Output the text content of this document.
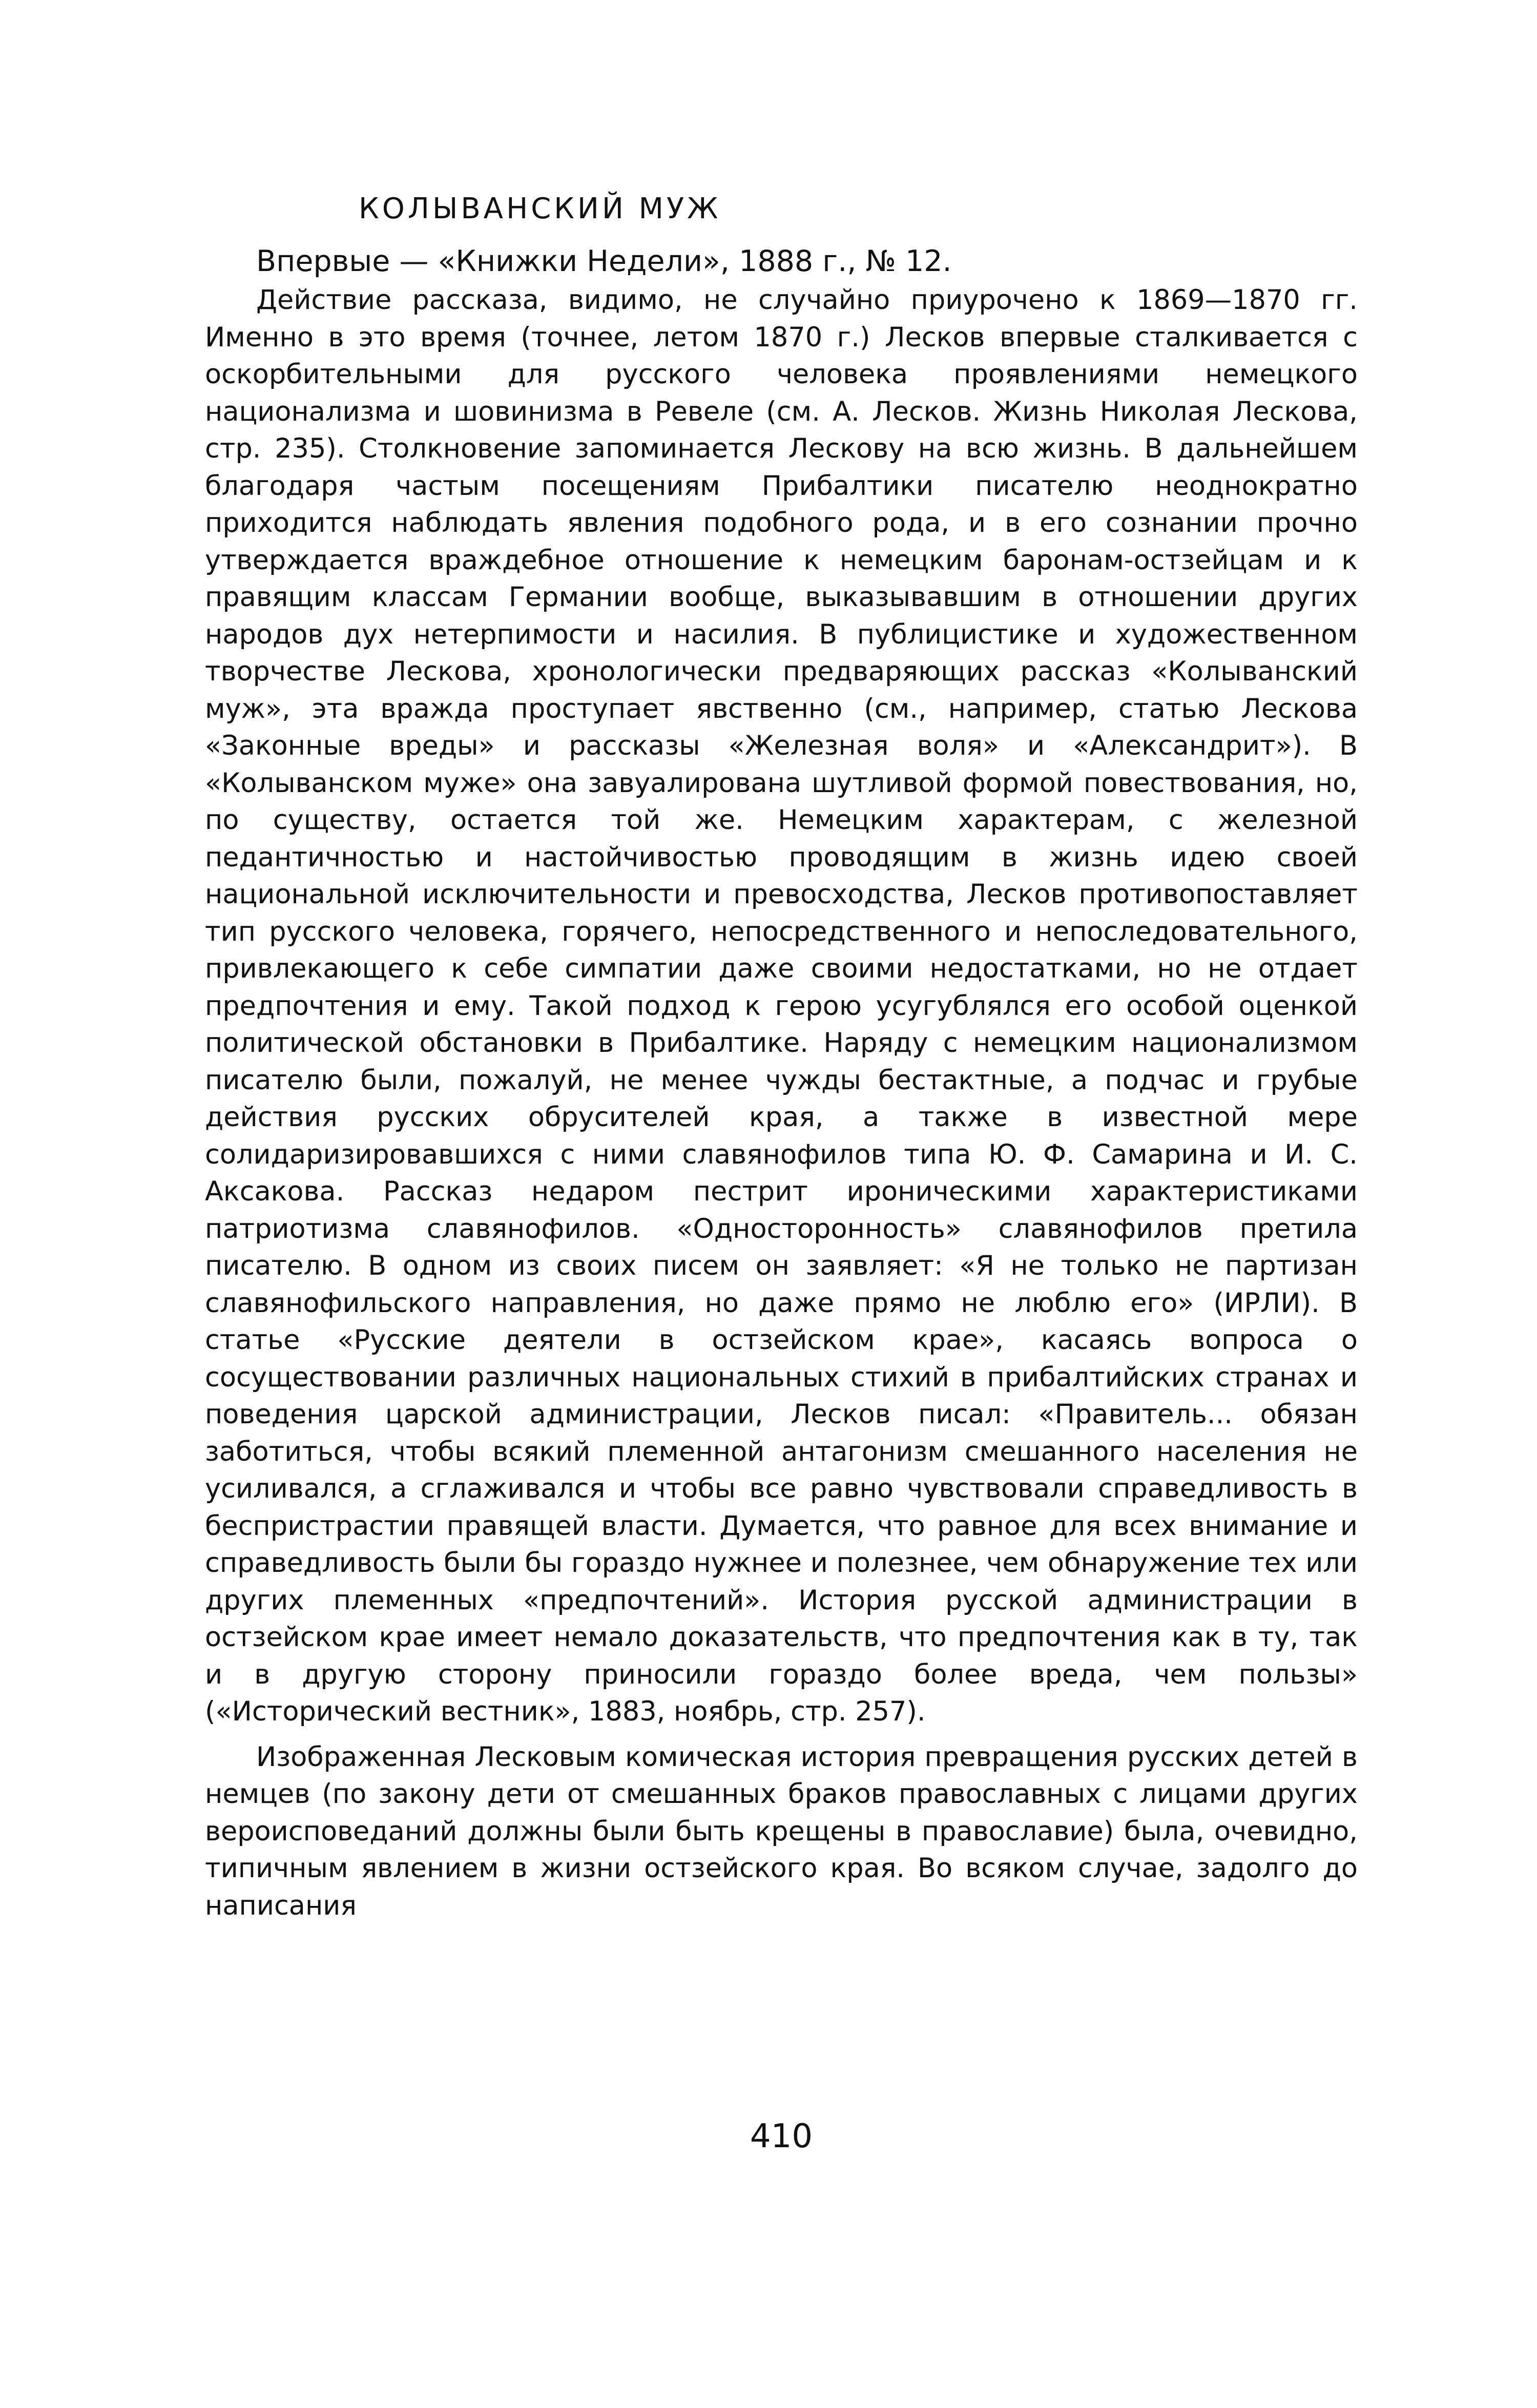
КОЛЫВАНСКИЙ МУЖ

Впервые — «Книжки Недели», 1888 г., № 12.

Действие рассказа, видимо, не случайно приурочено к 1869—1870 гг. Именно в это время (точнее, летом 1870 г.) Лесков впервые сталкивается с оскорбительными для русского человека проявлениями немецкого национализма и шовинизма в Ревеле (см. А. Лесков. Жизнь Николая Лескова, стр. 235). Столкновение запоминается Лескову на всю жизнь. В дальнейшем благодаря частым посещениям Прибалтики писателю неоднократно приходится наблюдать явления подобного рода, и в его сознании прочно утверждается враждебное отношение к немецким баронам-остзейцам и к правящим классам Германии вообще, выказывавшим в отношении других народов дух нетерпимости и насилия. В публицистике и художественном творчестве Лескова, хронологически предваряющих рассказ «Колыванский муж», эта вражда проступает явственно (см., например, статью Лескова «Законные вреды» и рассказы «Железная воля» и «Александрит»). В «Колыванском муже» она завуалирована шутливой формой повествования, но, по существу, остается той же. Немецким характерам, с железной педантичностью и настойчивостью проводящим в жизнь идею своей национальной исключительности и превосходства, Лесков противопоставляет тип русского человека, горячего, непосредственного и непоследовательного, привлекающего к себе симпатии даже своими недостатками, но не отдает предпочтения и ему. Такой подход к герою усугублялся его особой оценкой политической обстановки в Прибалтике. Наряду с немецким национализмом писателю были, пожалуй, не менее чужды бестактные, а подчас и грубые действия русских обрусителей края, а также в известной мере солидаризировавшихся с ними славянофилов типа Ю. Ф. Самарина и И. С. Аксакова. Рассказ недаром пестрит ироническими характеристиками патриотизма славянофилов. «Односторонность» славянофилов претила писателю. В одном из своих писем он заявляет: «Я не только не партизан славянофильского направления, но даже прямо не люблю его» (ИРЛИ). В статье «Русские деятели в остзейском крае», касаясь вопроса о сосуществовании различных национальных стихий в прибалтийских странах и поведения царской администрации, Лесков писал: «Правитель... обязан заботиться, чтобы всякий племенной антагонизм смешанного населения не усиливался, а сглаживался и чтобы все равно чувствовали справедливость в беспристрастии правящей власти. Думается, что равное для всех внимание и справедливость были бы гораздо нужнее и полезнее, чем обнаружение тех или других племенных «предпочтений». История русской администрации в остзейском крае имеет немало доказательств, что предпочтения как в ту, так и в другую сторону приносили гораздо более вреда, чем пользы» («Исторический вестник», 1883, ноябрь, стр. 257).

Изображенная Лесковым комическая история превращения русских детей в немцев (по закону дети от смешанных браков православных с лицами других вероисповеданий должны были быть крещены в православие) была, очевидно, типичным явлением в жизни остзейского края. Во всяком случае, задолго до написания

410
